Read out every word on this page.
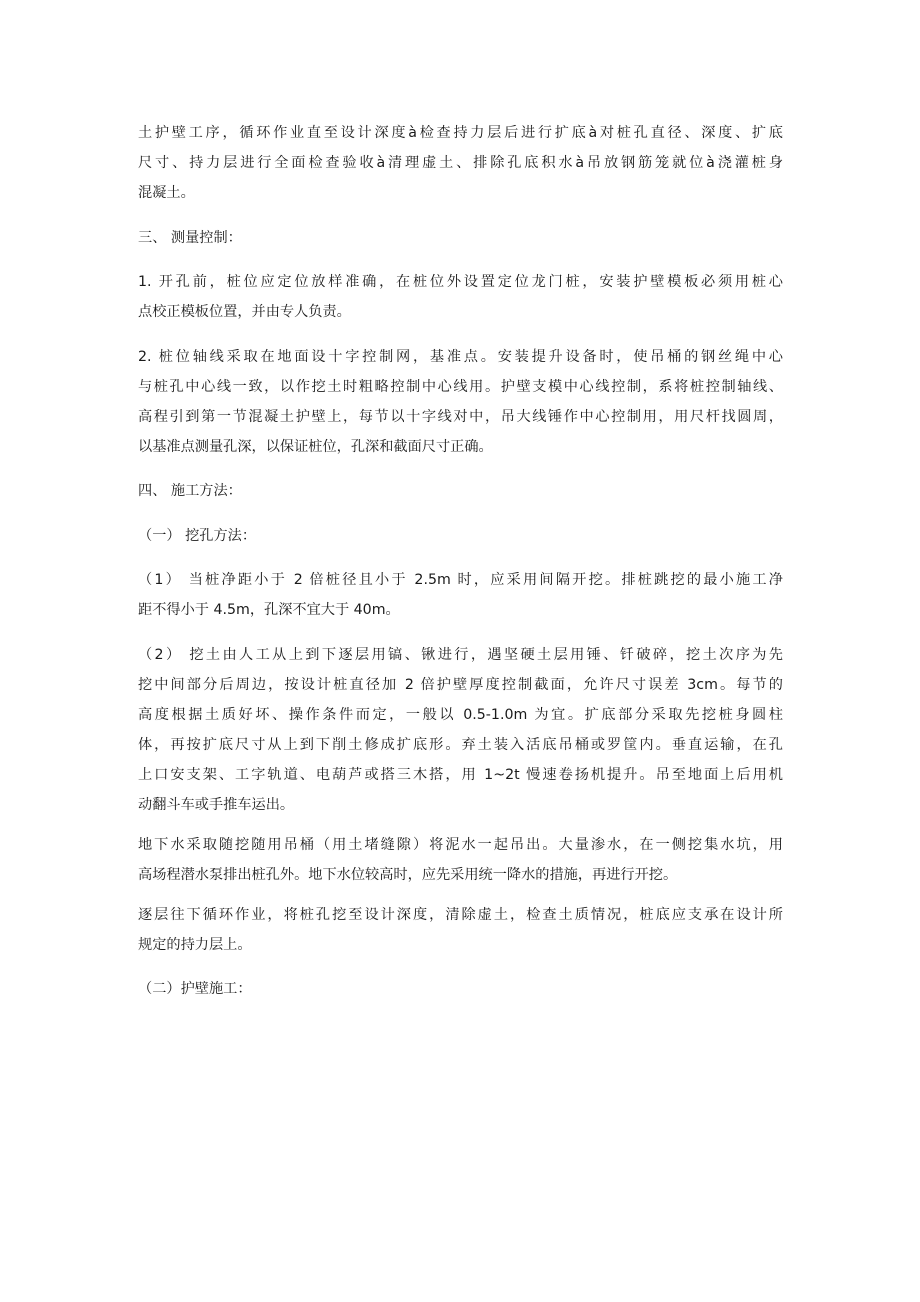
土护壁工序，循环作业直至设计深度à检查持力层后进行扩底à对桩孔直径、深度、扩底
尺寸、持力层进行全面检查验收à清理虚土、排除孔底积水à吊放钢筋笼就位à浇灌桩身
混凝土。

三、 测量控制：

1. 开孔前，桩位应定位放样准确，在桩位外设置定位龙门桩，安装护壁模板必须用桩心
点校正模板位置，并由专人负责。

2. 桩位轴线采取在地面设十字控制网，基准点。安装提升设备时，使吊桶的钢丝绳中心
与桩孔中心线一致，以作挖土时粗略控制中心线用。护壁支模中心线控制，系将桩控制轴线、
高程引到第一节混凝土护壁上，每节以十字线对中，吊大线锤作中心控制用，用尺杆找圆周，
以基准点测量孔深，以保证桩位，孔深和截面尺寸正确。

四、 施工方法：

（一） 挖孔方法：

（1） 当桩净距小于 2 倍桩径且小于 2.5m 时，应采用间隔开挖。排桩跳挖的最小施工净
距不得小于 4.5m，孔深不宜大于 40m。

（2） 挖土由人工从上到下逐层用镐、锹进行，遇坚硬土层用锤、钎破碎，挖土次序为先
挖中间部分后周边，按设计桩直径加 2 倍护壁厚度控制截面，允许尺寸误差 3cm。每节的
高度根据土质好坏、操作条件而定，一般以 0.5-1.0m 为宜。扩底部分采取先挖桩身圆柱
体，再按扩底尺寸从上到下削土修成扩底形。弃土装入活底吊桶或罗筐内。垂直运输，在孔
上口安支架、工字轨道、电葫芦或搭三木搭，用 1~2t 慢速卷扬机提升。吊至地面上后用机
动翻斗车或手推车运出。

地下水采取随挖随用吊桶（用土堵缝隙）将泥水一起吊出。大量渗水，在一侧挖集水坑，用
高场程潜水泵排出桩孔外。地下水位较高时，应先采用统一降水的措施，再进行开挖。

逐层往下循环作业，将桩孔挖至设计深度，清除虚土，检查土质情况，桩底应支承在设计所
规定的持力层上。

（二）护壁施工：
